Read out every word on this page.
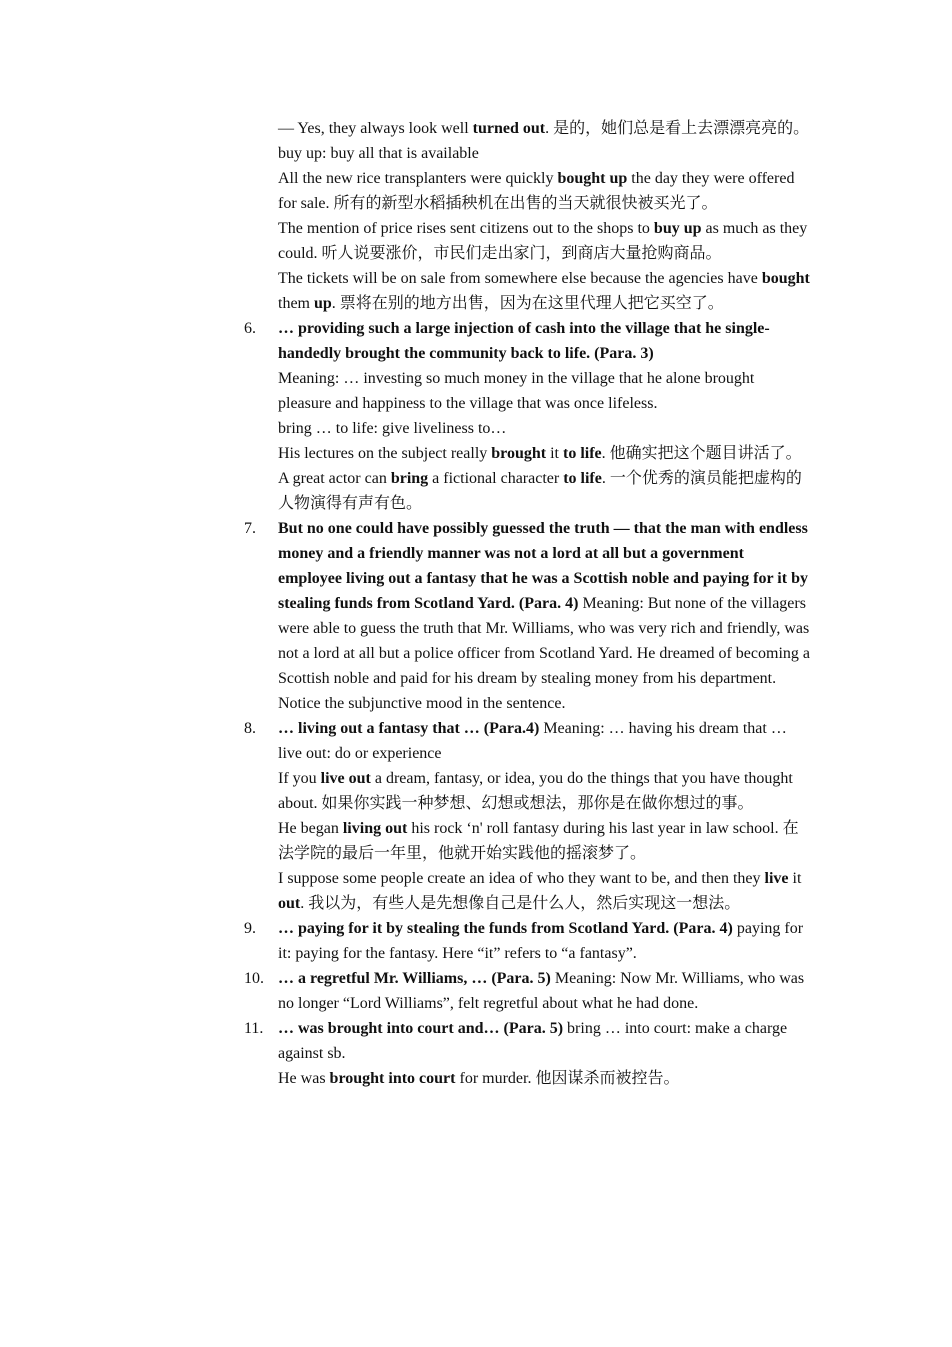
— Yes, they always look well turned out. 是的，她们总是看上去漂漂亮亮的。
buy up: buy all that is available
All the new rice transplanters were quickly bought up the day they were offered for sale. 所有的新型水稻插秧机在出售的当天就很快被买光了。
The mention of price rises sent citizens out to the shops to buy up as much as they could. 听人说要涨价，市民们走出家门，到商店大量抢购商品。
The tickets will be on sale from somewhere else because the agencies have bought them up. 票将在别的地方出售，因为在这里代理人把它买空了。
6.	… providing such a large injection of cash into the village that he single-handedly brought the community back to life. (Para. 3)
Meaning: … investing so much money in the village that he alone brought pleasure and happiness to the village that was once lifeless.
bring … to life: give liveliness to…
His lectures on the subject really brought it to life. 他确实把这个题目讲活了。
A great actor can bring a fictional character to life. 一个优秀的演员能把虚构的人物演得有声有色。
7.	But no one could have possibly guessed the truth — that the man with endless money and a friendly manner was not a lord at all but a government employee living out a fantasy that he was a Scottish noble and paying for it by stealing funds from Scotland Yard. (Para. 4) Meaning: But none of the villagers were able to guess the truth that Mr. Williams, who was very rich and friendly, was not a lord at all but a police officer from Scotland Yard. He dreamed of becoming a Scottish noble and paid for his dream by stealing money from his department.
Notice the subjunctive mood in the sentence.
8.	… living out a fantasy that … (Para.4) Meaning: … having his dream that …
live out: do or experience
If you live out a dream, fantasy, or idea, you do the things that you have thought about. 如果你实践一种梦想、幻想或想法，那你是在做你想过的事。
He began living out his rock ‘n' roll fantasy during his last year in law school. 在法学院的最后一年里，他就开始实践他的摇滚梦了。
I suppose some people create an idea of who they want to be, and then they live it out. 我以为，有些人是先想像自己是什么人，然后实现这一想法。
9.	… paying for it by stealing the funds from Scotland Yard. (Para. 4) paying for it: paying for the fantasy. Here “it” refers to “a fantasy”.
10. … a regretful Mr. Williams, … (Para. 5) Meaning: Now Mr. Williams, who was no longer “Lord Williams”, felt regretful about what he had done.
11. … was brought into court and… (Para. 5) bring … into court: make a charge against sb.
He was brought into court for murder. 他因谋杀而被控告。
